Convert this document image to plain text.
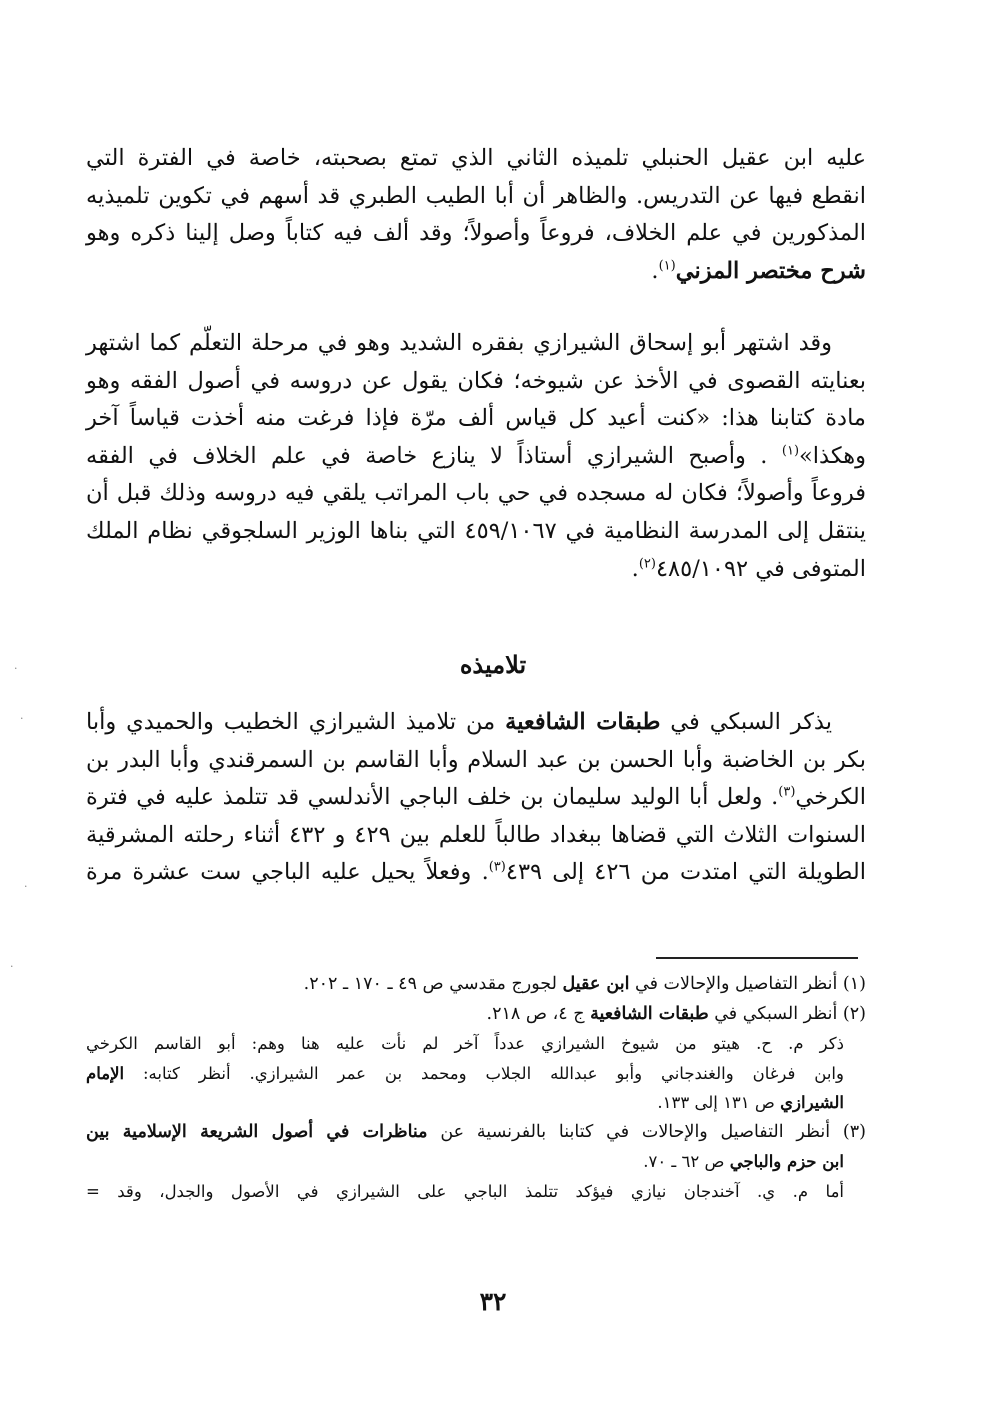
عليه ابن عقيل الحنبلي تلميذه الثاني الذي تمتع بصحبته، خاصة في الفترة التي
انقطع فيها عن التدريس. والظاهر أن أبا الطيب الطبري قد أسهم في تكوين تلميذيه
المذكورين في علم الخلاف، فروعاً وأصولاً؛ وقد ألف فيه كتاباً وصل إلينا ذكره وهو
شرح مختصر المزني$^{(١)}$.
وقد اشتهر أبو إسحاق الشيرازي بفقره الشديد وهو في مرحلة التعلّم كما اشتهر
بعنايته القصوى في الأخذ عن شيوخه؛ فكان يقول عن دروسه في أصول الفقه وهو
مادة كتابنا هذا: «كنت أعيد كل قياس ألف مرّة فإذا فرغت منه أخذت قياساً آخر
وهكذا»$^{(١)}$ . وأصبح الشيرازي أستاذاً لا ينازع خاصة في علم الخلاف في الفقه
فروعاً وأصولاً؛ فكان له مسجده في حي باب المراتب يلقي فيه دروسه وذلك قبل أن
ينتقل إلى المدرسة النظامية في ٤٥٩/١٠٦٧ التي بناها الوزير السلجوقي نظام الملك
المتوفى في ٤٨٥/١٠٩٢$^{(٢)}$.
تلاميذه
يذكر السبكي في طبقات الشافعية من تلاميذ الشيرازي الخطيب والحميدي وأبا
بكر بن الخاضبة وأبا الحسن بن عبد السلام وأبا القاسم بن السمرقندي وأبا البدر بن
الكرخي$^{(٣)}$. ولعل أبا الوليد سليمان بن خلف الباجي الأندلسي قد تتلمذ عليه في فترة
السنوات الثلاث التي قضاها ببغداد طالباً للعلم بين ٤٢٩ و ٤٣٢ أثناء رحلته المشرقية
الطويلة التي امتدت من ٤٢٦ إلى ٤٣٩$^{(٣)}$. وفعلاً يحيل عليه الباجي ست عشرة مرة
(١) أنظر التفاصيل والإحالات في ابن عقيل لجورج مقدسي ص ٤٩ ـ ١٧٠ ـ ٢٠٢.
(٢) أنظر السبكي في طبقات الشافعية ج ٤، ص ٢١٨.
ذكر م. ح. هيتو من شيوخ الشيرازي عدداً آخر لم نأت عليه هنا وهم: أبو القاسم الكرخي
وابن فرغان والغندجاني وأبو عبدالله الجلاب ومحمد بن عمر الشيرازي. أنظر كتابه: الإمام
الشيرازي ص ١٣١ إلى ١٣٣.
(٣) أنظر التفاصيل والإحالات في كتابنا بالفرنسية عن مناظرات في أصول الشريعة الإسلامية بين
ابن حزم والباجي ص ٦٢ ـ ٧٠.
أما م. ي. آخندجان نيازي فيؤكد تتلمذ الباجي على الشيرازي في الأصول والجدل، وقد =
٣٢
·
·
·
·
